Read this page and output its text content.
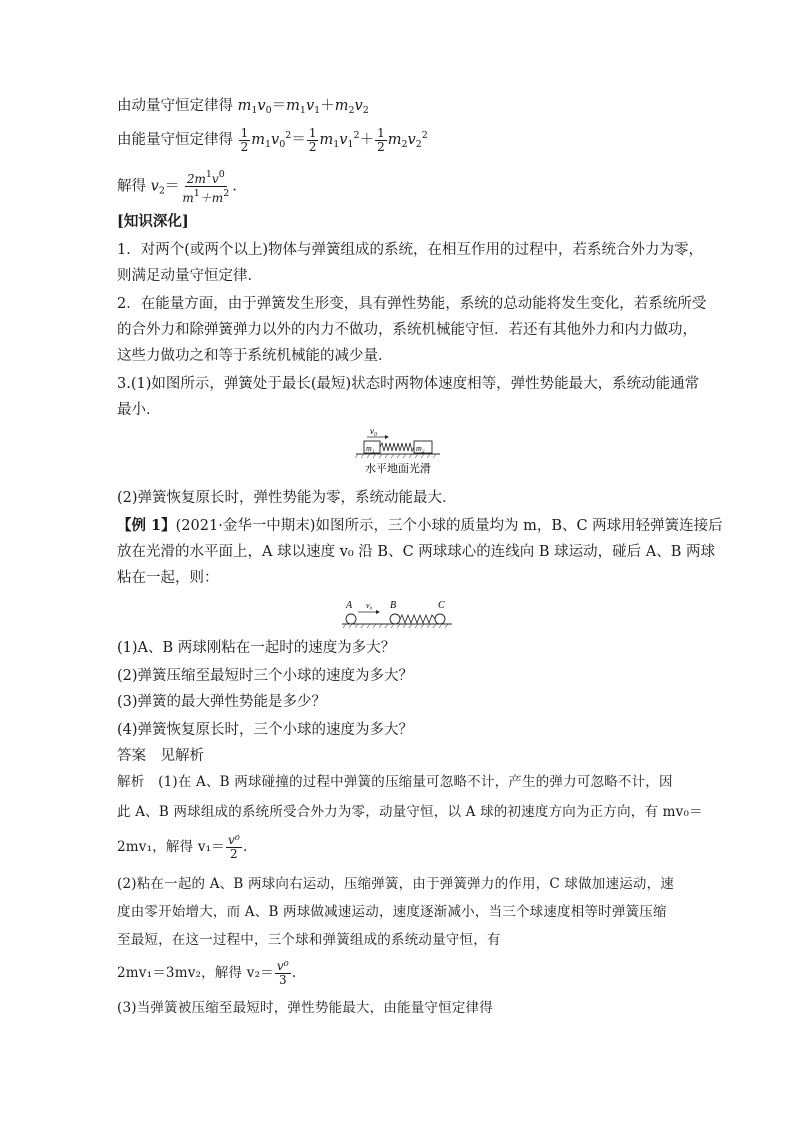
由动量守恒定律得 $m_1v_0=m_1v_1+m_2v_2$
由能量守恒定律得 $\frac{1}{2} m_1v_0^2= \frac{1}{2} m_1v_1^2+ \frac{1}{2} m_2v_2^2$
解得 $v_2= \frac{2m^1v^0}{m^1+m^2}$ .
[知识深化]
1．对两个(或两个以上)物体与弹簧组成的系统，在相互作用的过程中，若系统合外力为零，
则满足动量守恒定律．
2．在能量方面，由于弹簧发生形变，具有弹性势能，系统的总动能将发生变化，若系统所受
的合外力和除弹簧弹力以外的内力不做功，系统机械能守恒．若还有其他外力和内力做功，
这些力做功之和等于系统机械能的减少量．
3.(1)如图所示，弹簧处于最长(最短)状态时两物体速度相等，弹性势能最大，系统动能通常
最小．
v₀
m₁	m₂
水平地面光滑
(2)弹簧恢复原长时，弹性势能为零，系统动能最大．
【例 1】(2021·金华一中期末)如图所示，三个小球的质量均为 m，B、C 两球用轻弹簧连接后
放在光滑的水平面上，A 球以速度 v₀ 沿 B、C 两球球心的连线向 B 球运动，碰后 A、B 两球
粘在一起，则：
A v₀ B	C
(1)A、B 两球刚粘在一起时的速度为多大？
(2)弹簧压缩至最短时三个小球的速度为多大？
(3)弹簧的最大弹性势能是多少？
(4)弹簧恢复原长时，三个小球的速度为多大？
答案　见解析
解析　(1)在 A、B 两球碰撞的过程中弹簧的压缩量可忽略不计，产生的弹力可忽略不计，因
此 A、B 两球组成的系统所受合外力为零，动量守恒，以 A 球的初速度方向为正方向，有 mv₀＝
2mv₁，解得 $v_1= \frac{\text{v⁰}}{2}$ .
(2)粘在一起的 A、B 两球向右运动，压缩弹簧，由于弹簧弹力的作用，C 球做加速运动，速
度由零开始增大，而 A、B 两球做减速运动，速度逐渐减小，当三个球速度相等时弹簧压缩
至最短，在这一过程中，三个球和弹簧组成的系统动量守恒，有
2mv₁＝3mv₂，解得 $v_2= \frac{\text{v⁰}}{3}$ .
(3)当弹簧被压缩至最短时，弹性势能最大，由能量守恒定律得
